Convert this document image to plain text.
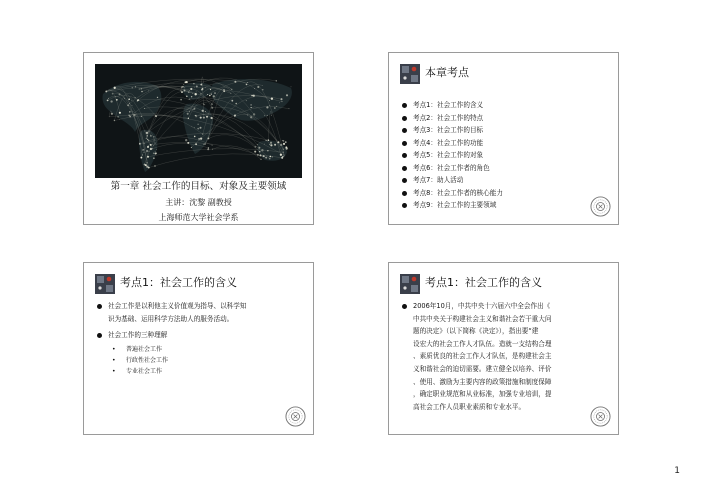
第一章 社会工作的目标、对象及主要领域
主讲：沈黎 副教授
上海师范大学社会学系
本章考点
考点1：社会工作的含义
考点2：社会工作的特点
考点3：社会工作的目标
考点4：社会工作的功能
考点5：社会工作的对象
考点6：社会工作者的角色
考点7：助人活动
考点8：社会工作者的核心能力
考点9：社会工作的主要领域
考点1：社会工作的含义
社会工作是以利他主义价值观为指导、以科学知
识为基础、运用科学方法助人的服务活动。
社会工作的三种理解
• 普遍社会工作
• 行政性社会工作
• 专业社会工作
考点1：社会工作的含义
2006年10月，中共中央十六届六中全会作出《
中共中央关于构建社会主义和谐社会若干重大问
题的决定》（以下简称《决定》），指出要“建
设宏大的社会工作人才队伍。造就一支结构合理
、素质优良的社会工作人才队伍，是构建社会主
义和谐社会的迫切需要。建立健全以培养、评价
、使用、激励为主要内容的政策措施和制度保障
，确定职业规范和从业标准，加强专业培训，提
高社会工作人员职业素质和专业水平。
1
